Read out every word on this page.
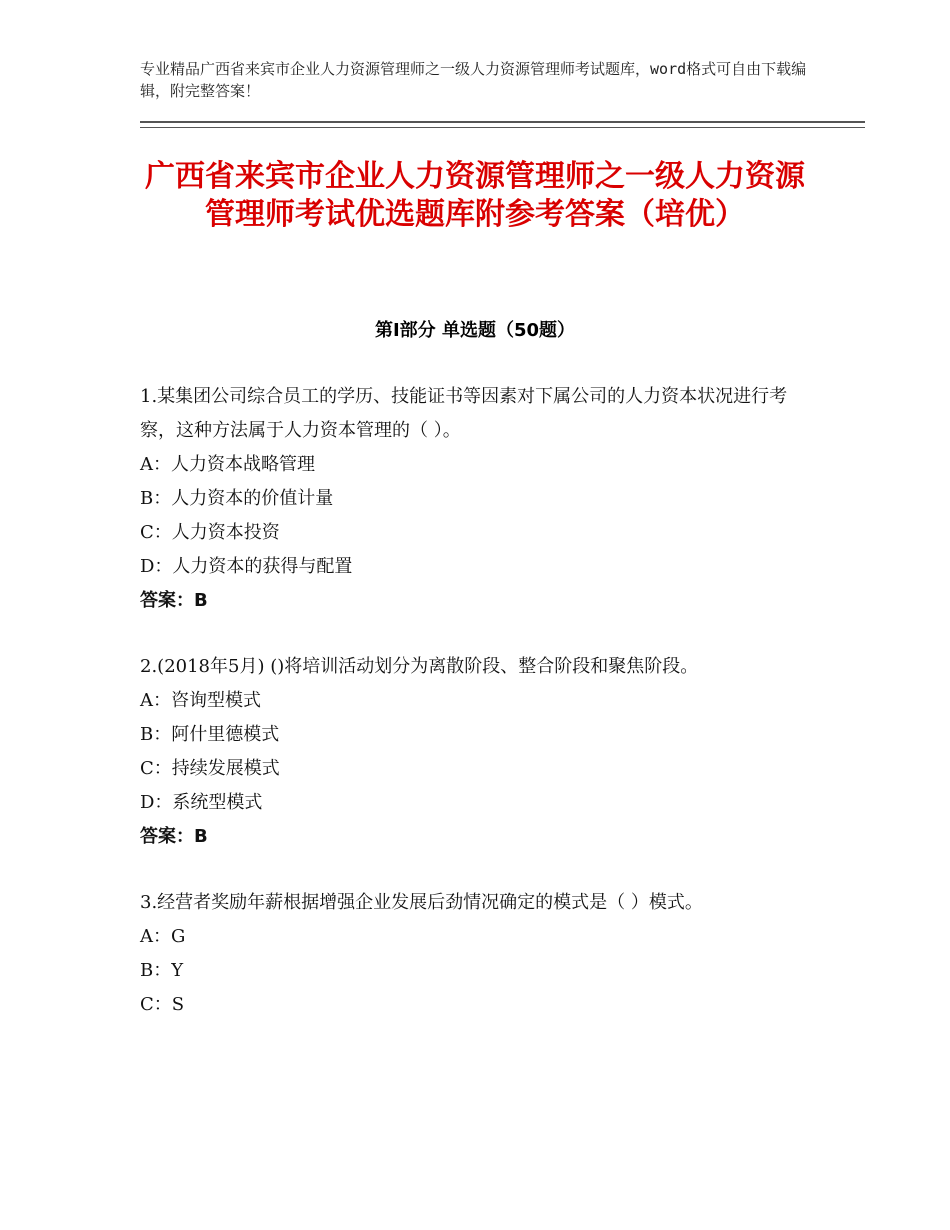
专业精品广西省来宾市企业人力资源管理师之一级人力资源管理师考试题库，word格式可自由下载编辑，附完整答案！
广西省来宾市企业人力资源管理师之一级人力资源管理师考试优选题库附参考答案（培优）
第Ⅰ部分 单选题（50题）

1.某集团公司综合员工的学历、技能证书等因素对下属公司的人力资本状况进行考察，这种方法属于人力资本管理的（ ）。

A：人力资本战略管理

B：人力资本的价值计量

C：人力资本投资

D：人力资本的获得与配置

答案：B

2.(2018年5月) ()将培训活动划分为离散阶段、整合阶段和聚焦阶段。

A：咨询型模式

B：阿什里德模式

C：持续发展模式

D：系统型模式

答案：B

3.经营者奖励年薪根据增强企业发展后劲情况确定的模式是（ ）模式。

A：G

B：Y

C：S
